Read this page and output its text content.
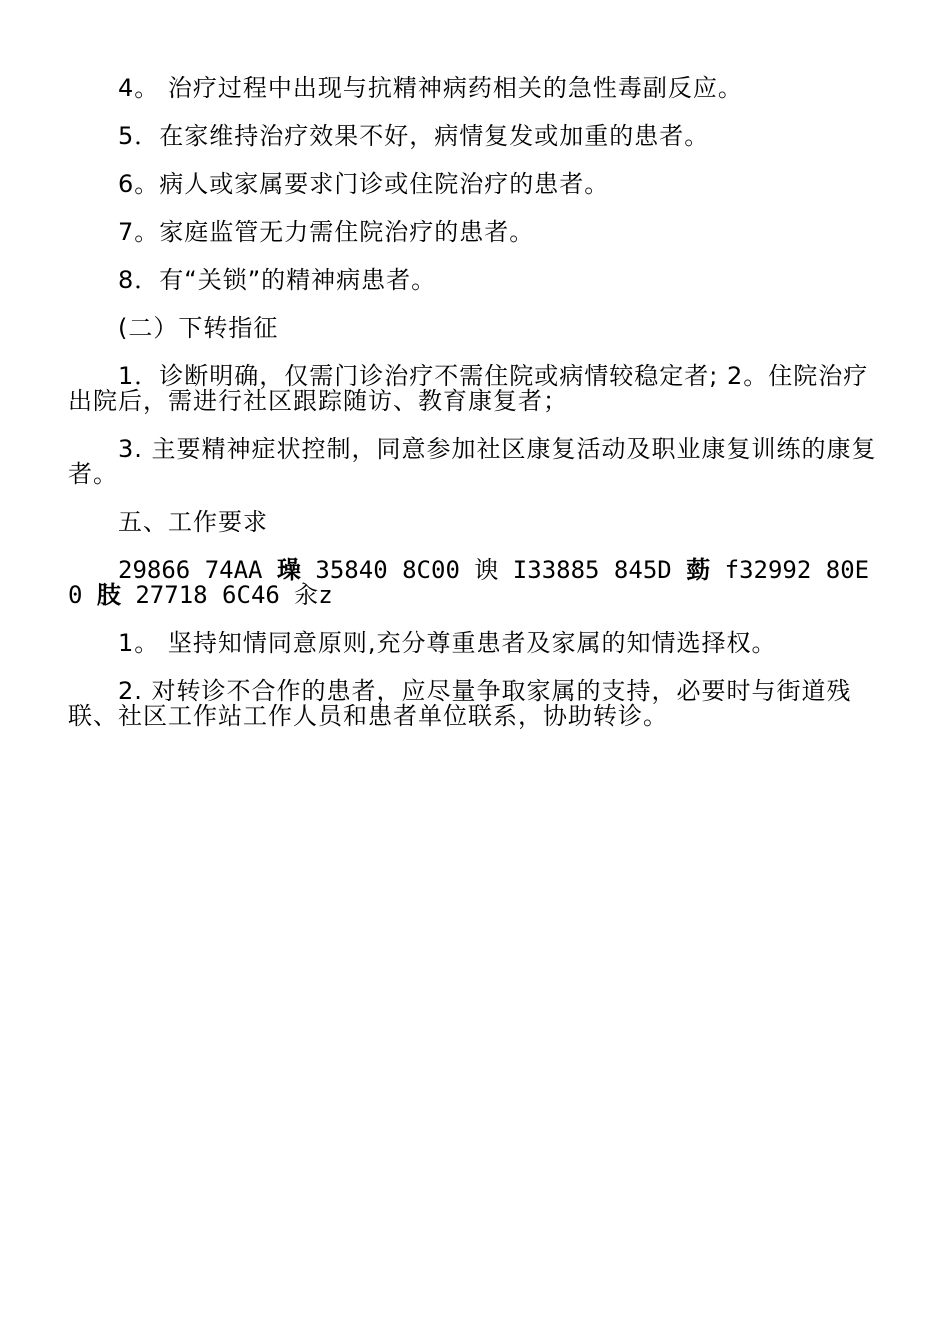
4。 治疗过程中出现与抗精神病药相关的急性毒副反应。

5．在家维持治疗效果不好，病情复发或加重的患者。

6。病人或家属要求门诊或住院治疗的患者。

7。家庭监管无力需住院治疗的患者。

8．有“关锁”的精神病患者。

(二）下转指征

1．诊断明确，仅需门诊治疗不需住院或病情较稳定者; 2。住院治疗出院后，需进行社区跟踪随访、教育康复者；

3. 主要精神症状控制，同意参加社区康复活动及职业康复训练的康复者。

五、工作要求

29866 74AA 璪 35840 8C00 谀 I33885 845D 葝 f32992 80E0 肢 27718 6C46 汆z

1。 坚持知情同意原则,充分尊重患者及家属的知情选择权。

2. 对转诊不合作的患者，应尽量争取家属的支持，必要时与街道残联、社区工作站工作人员和患者单位联系，协助转诊。
